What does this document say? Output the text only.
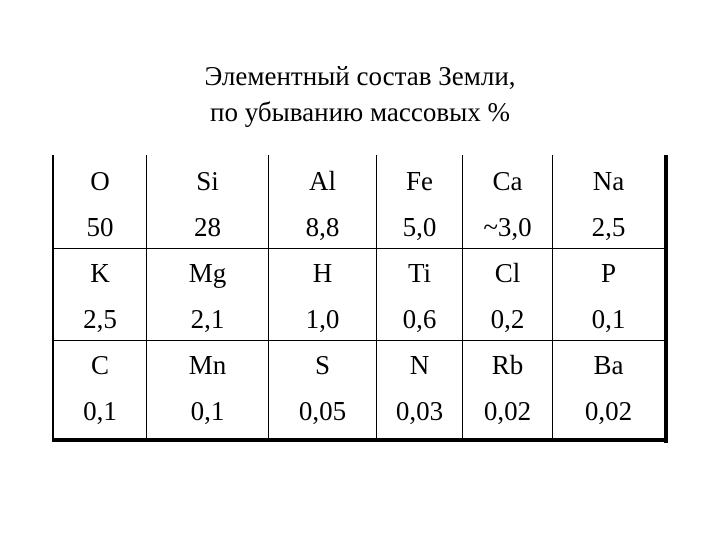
Элементный состав Земли,
по убыванию массовых %
O
50
K
2,5
C
0,1
Si
28
Mg
2,1
Mn
0,1
Al
8,8
H
1,0
S
0,05
Fe
5,0
Ti
0,6
N
0,03
Ca
~3,0
Cl
0,2
Rb
0,02
Na
2,5
P
0,1
Ba
0,02
